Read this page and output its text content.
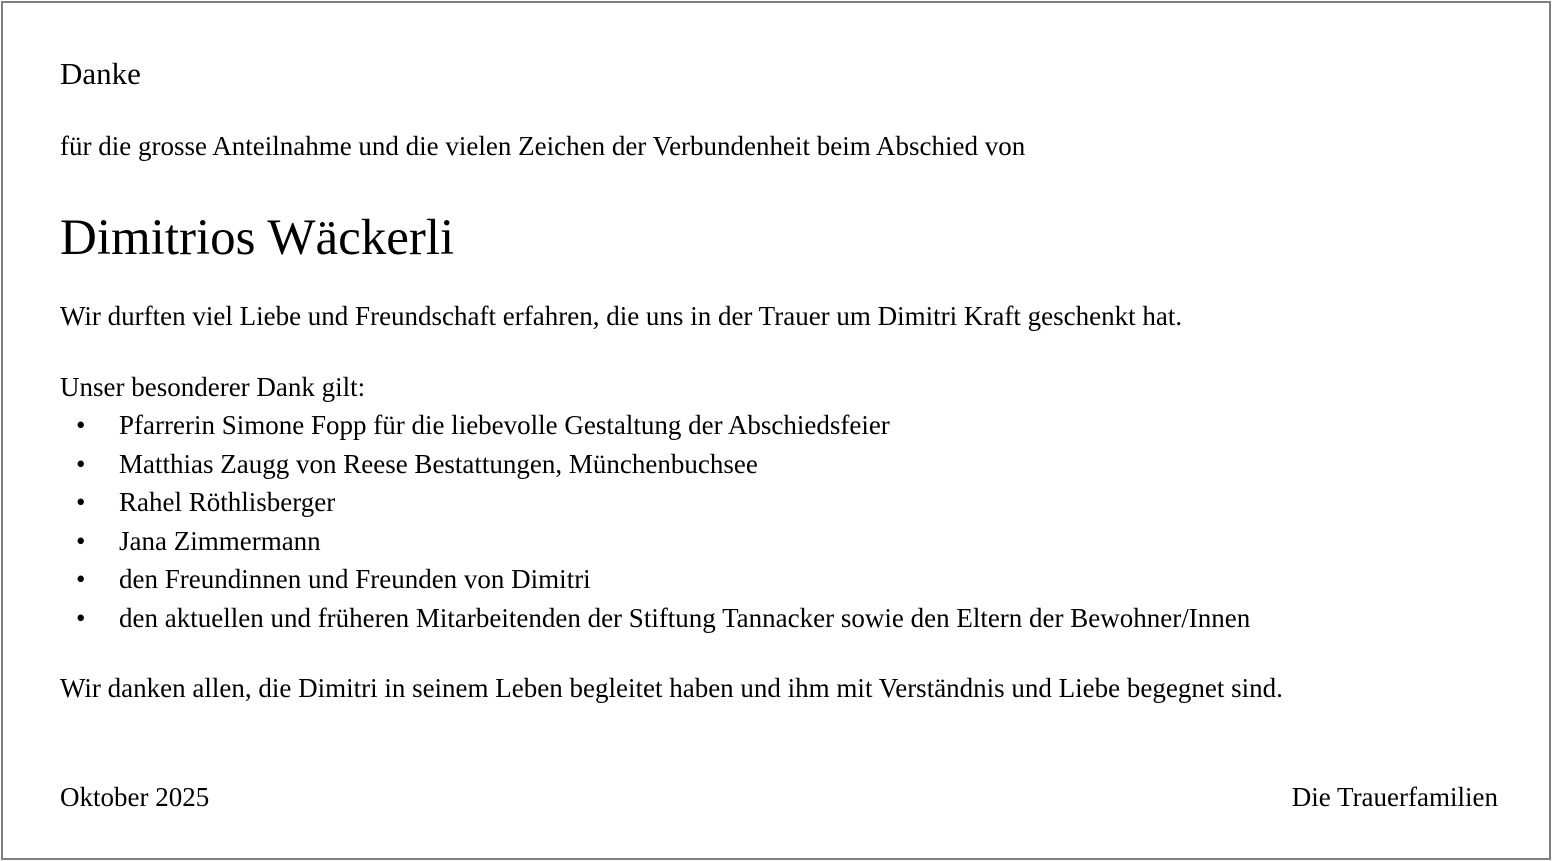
Danke
für die grosse Anteilnahme und die vielen Zeichen der Verbundenheit beim Abschied von
Dimitrios Wäckerli
Wir durften viel Liebe und Freundschaft erfahren, die uns in der Trauer um Dimitri Kraft geschenkt hat.
Unser besonderer Dank gilt:
• Pfarrerin Simone Fopp für die liebevolle Gestaltung der Abschiedsfeier
• Matthias Zaugg von Reese Bestattungen, Münchenbuchsee
• Rahel Röthlisberger
• Jana Zimmermann
• den Freundinnen und Freunden von Dimitri
• den aktuellen und früheren Mitarbeitenden der Stiftung Tannacker sowie den Eltern der Bewohner/Innen
Wir danken allen, die Dimitri in seinem Leben begleitet haben und ihm mit Verständnis und Liebe begegnet sind.
Oktober 2025	Die Trauerfamilien
